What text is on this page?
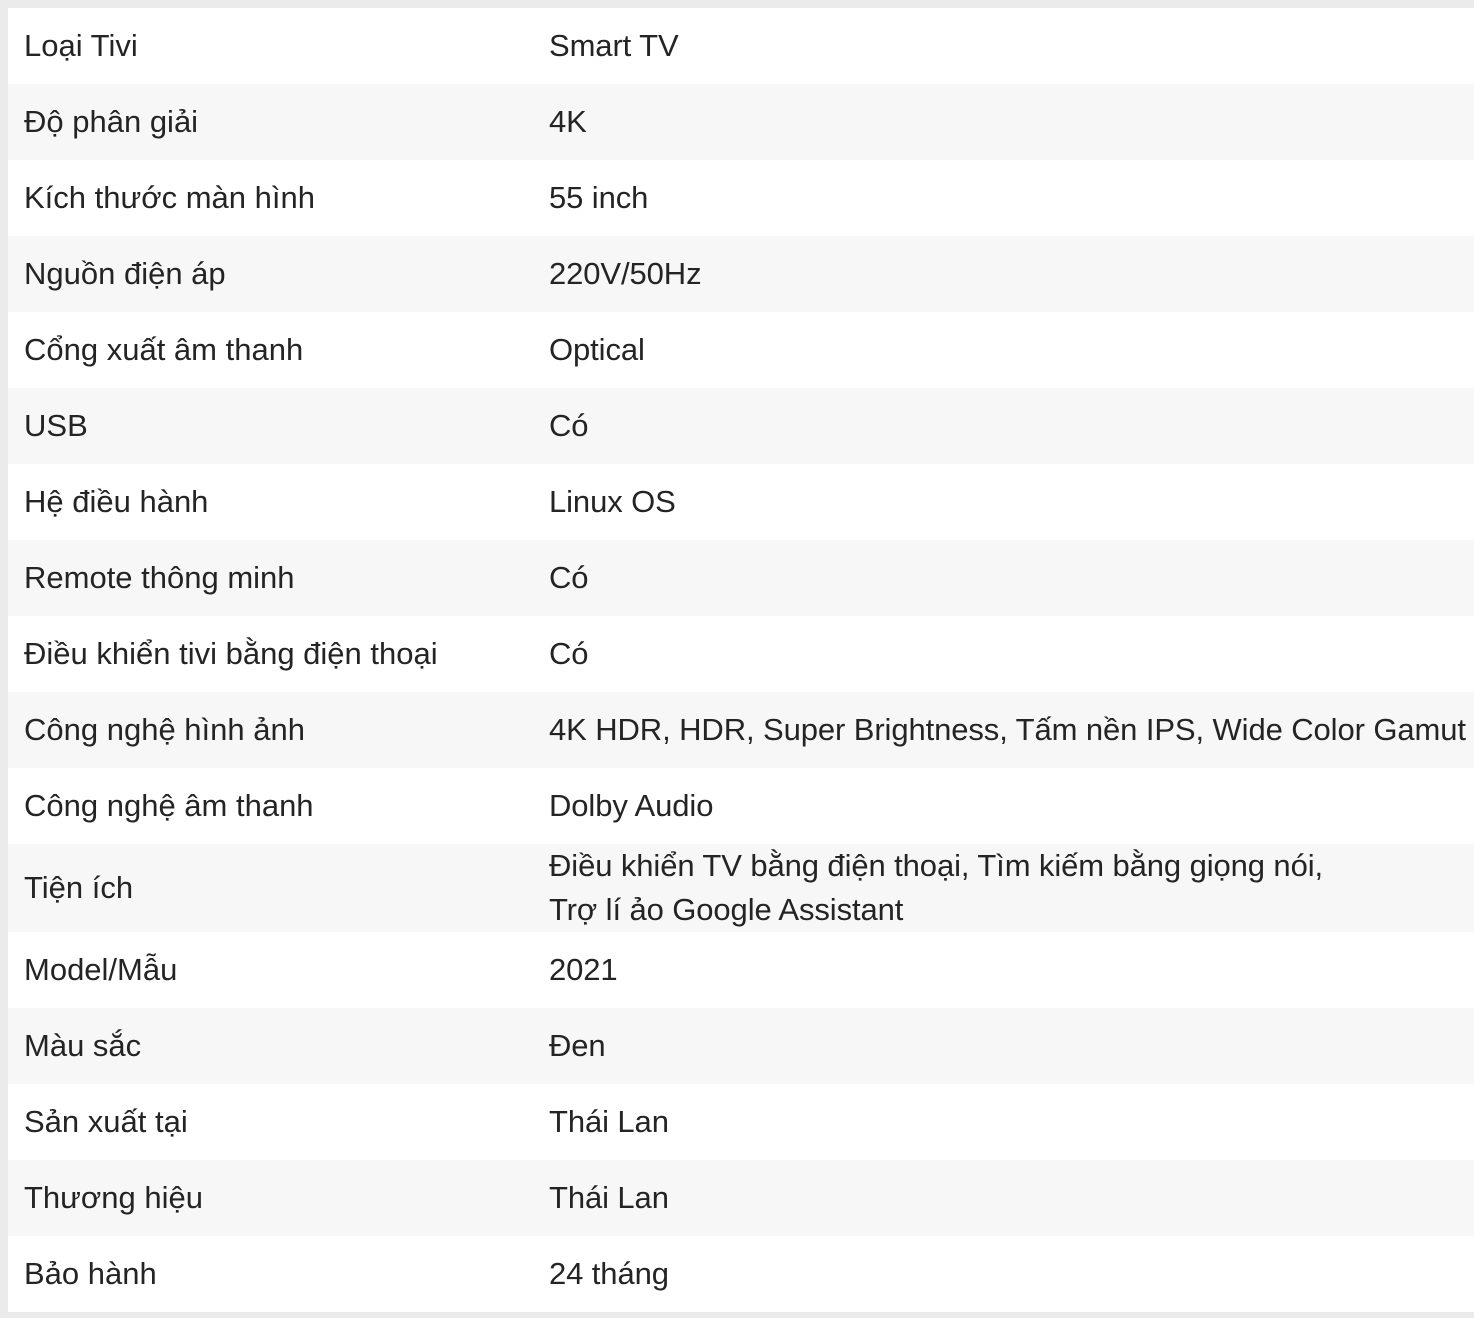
Loại Tivi	Smart TV
Độ phân giải	4K
Kích thước màn hình	55 inch
Nguồn điện áp	220V/50Hz
Cổng xuất âm thanh	Optical
USB	Có
Hệ điều hành	Linux OS
Remote thông minh	Có
Điều khiển tivi bằng điện thoại	Có
Công nghệ hình ảnh	4K HDR, HDR, Super Brightness, Tấm nền IPS, Wide Color Gamut
Công nghệ âm thanh	Dolby Audio
Tiện ích	Điều khiển TV bằng điện thoại, Tìm kiếm bằng giọng nói,
Trợ lí ảo Google Assistant

Model/Mẫu	2021
Màu sắc	Đen
Sản xuất tại	Thái Lan
Thương hiệu	Thái Lan
Bảo hành	24 tháng
